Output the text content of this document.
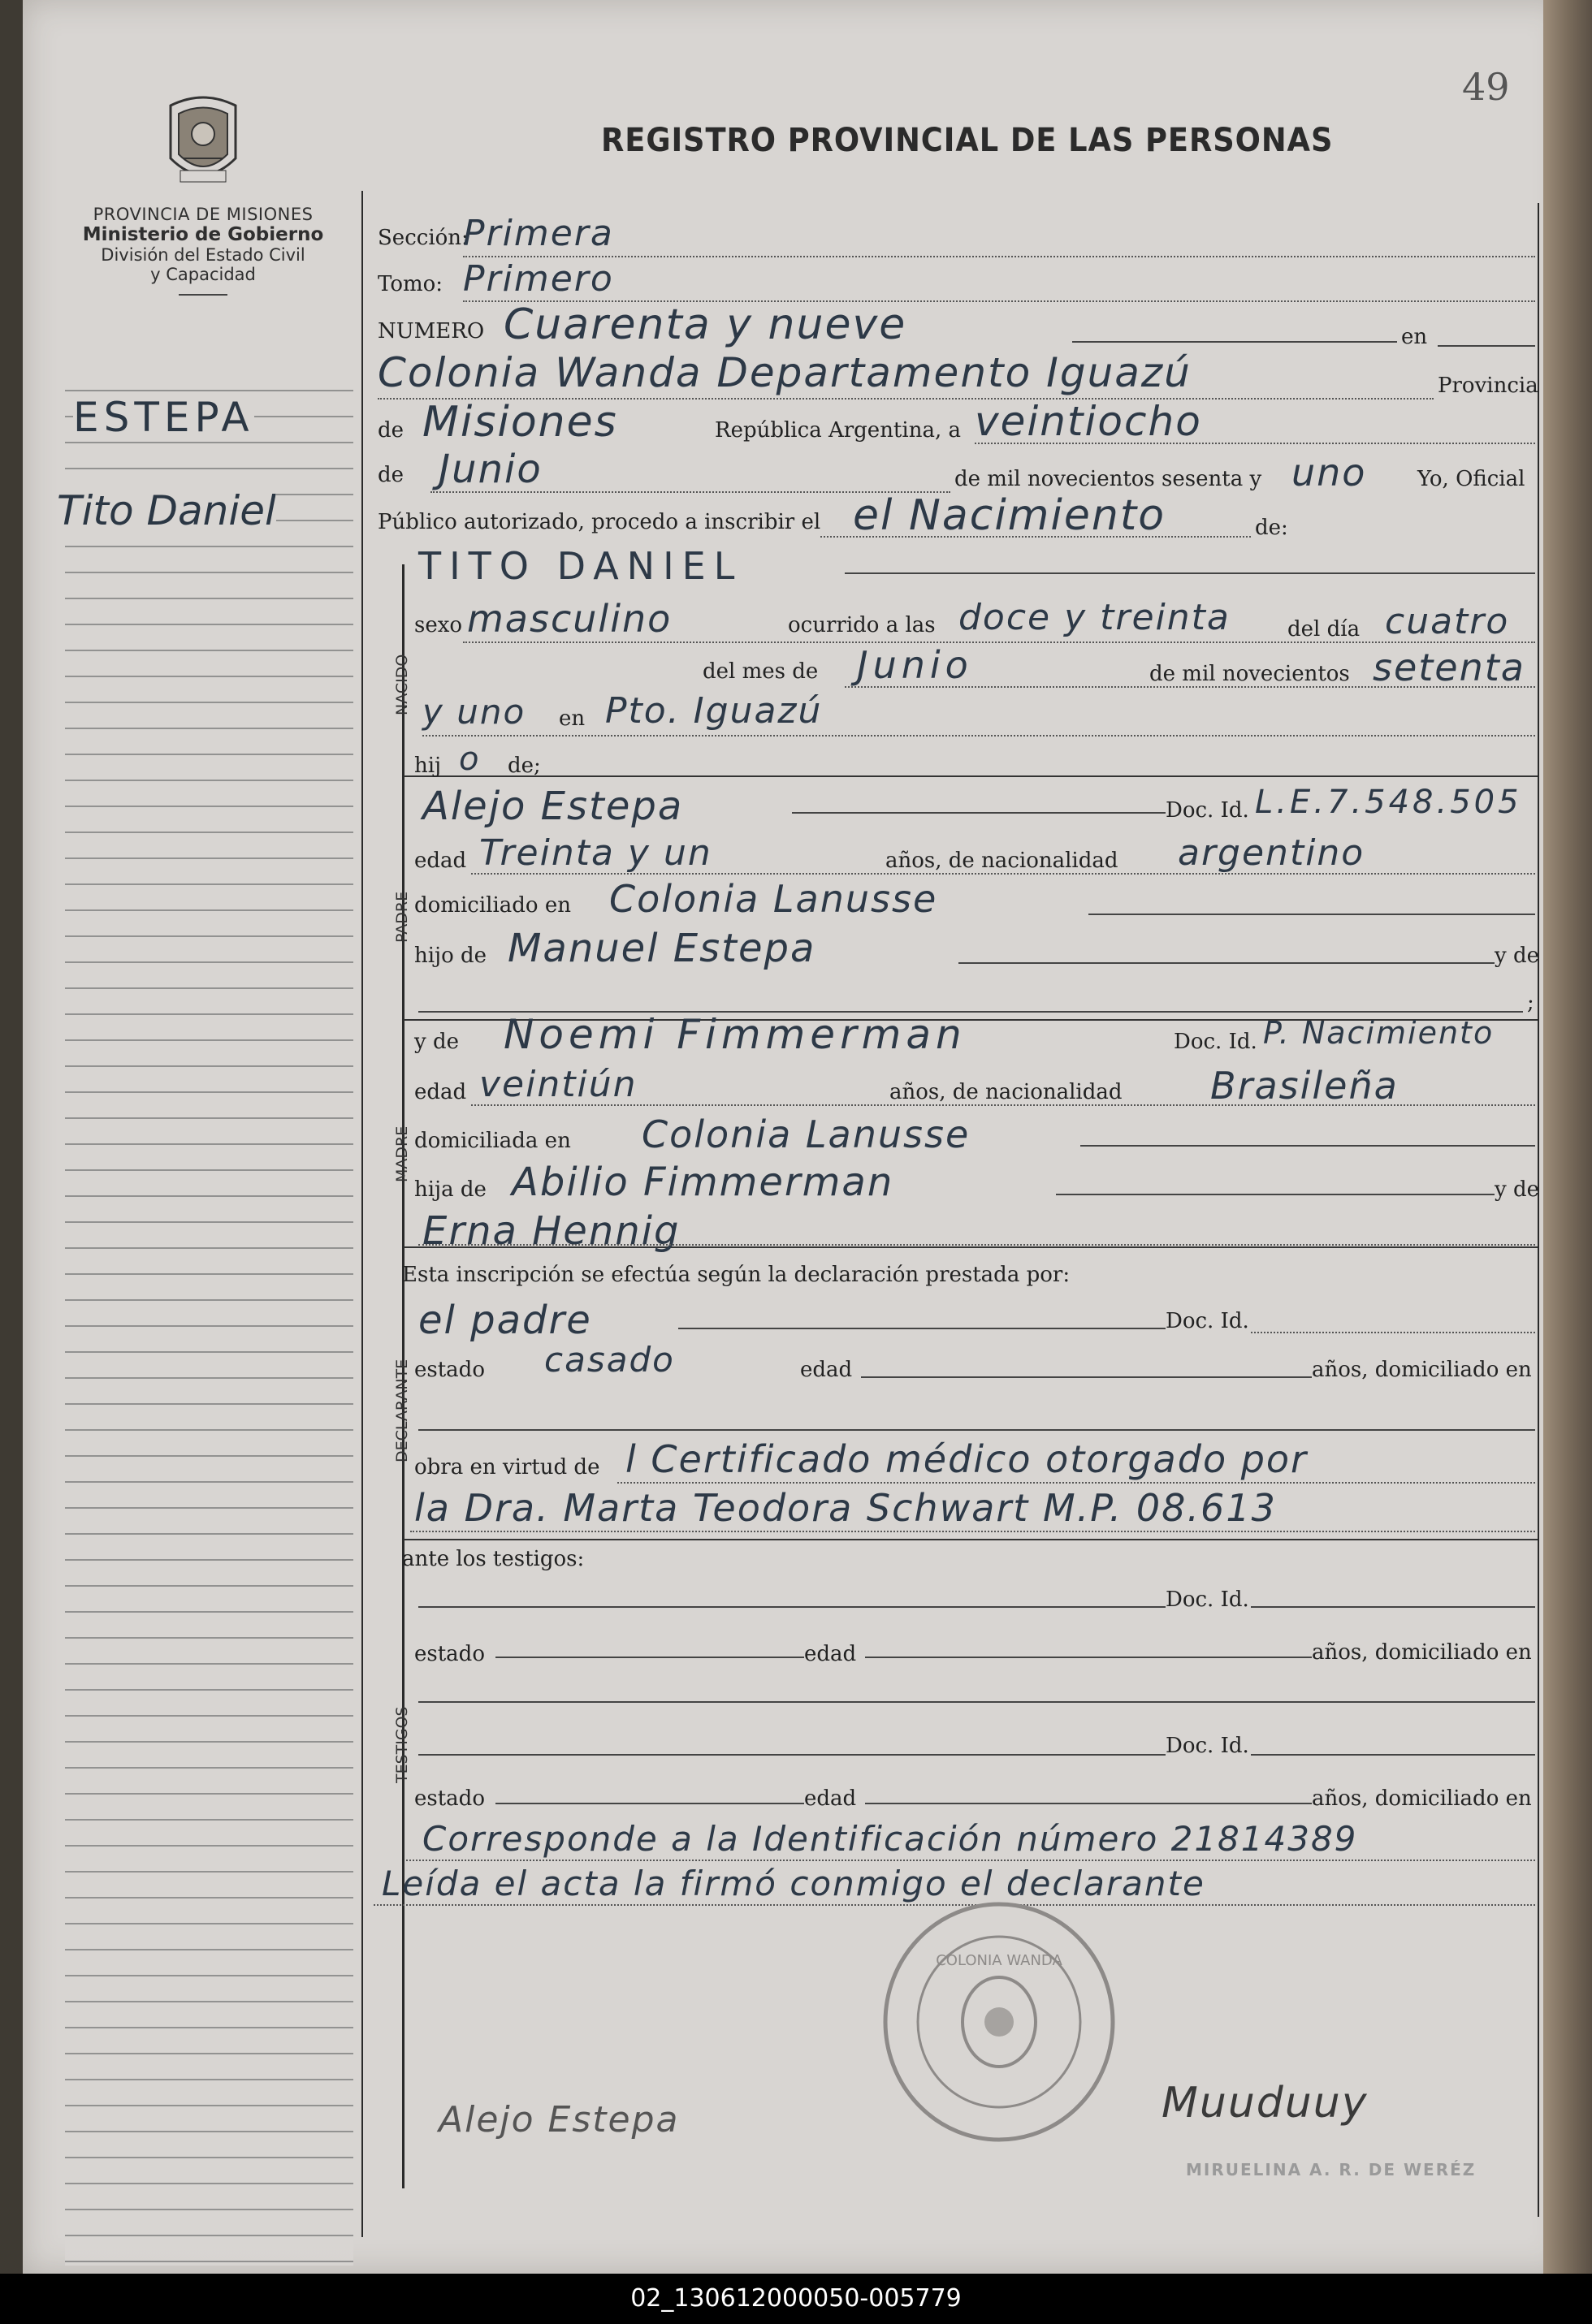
49
REGISTRO PROVINCIAL DE LAS PERSONAS
PROVINCIA DE MISIONES
Ministerio de Gobierno
División del Estado Civil
y Capacidad
ESTEPA
Tito Daniel
NACIDO
PADRE
MADRE
DECLARANTE
TESTIGOS
Sección:
Primera
Tomo: Primero
NUMERO Cuarenta y nueve	en
Colonia Wanda Departamento Iguazú	Provincia
de Misiones	República Argentina, a veintiocho
de Junio	de mil novecientos sesenta y uno Yo, Oficial
Público autorizado, procedo a inscribir el el Nacimiento	de:
TITO DANIEL
sexo masculino	ocurrido a las doce y treinta	del día cuatro
del mes de Junio	de mil novecientos setenta
y uno en Pto. Iguazú
hij o de;
Alejo Estepa	Doc. Id. L.E.7.548.505
edad Treinta y un	años, de nacionalidad argentino
domiciliado en Colonia Lanusse
hijo de Manuel Estepa	y de
;
y de Noemi Fimmerman	Doc. Id. P. Nacimiento
edad veintiún	años, de nacionalidad Brasileña
domiciliada en Colonia Lanusse
hija de Abilio Fimmerman	y de
Erna Hennig
Esta inscripción se efectúa según la declaración prestada por:
el padre	Doc. Id.
estado casado	edad	años, domiciliado en
obra en virtud de l Certificado médico otorgado por
la Dra. Marta Teodora Schwart M.P. 08.613
ante los testigos:
Doc. Id.
estado	edad	años, domiciliado en
Doc. Id.
estado	edad	años, domiciliado en
Corresponde a la Identificación número 21814389
Leída el acta la firmó conmigo el declarante
Alejo Estepa	Muuduuy
COLONIA WANDA
MIRUELINA A. R. DE WERÉZ
02_130612000050-005779
